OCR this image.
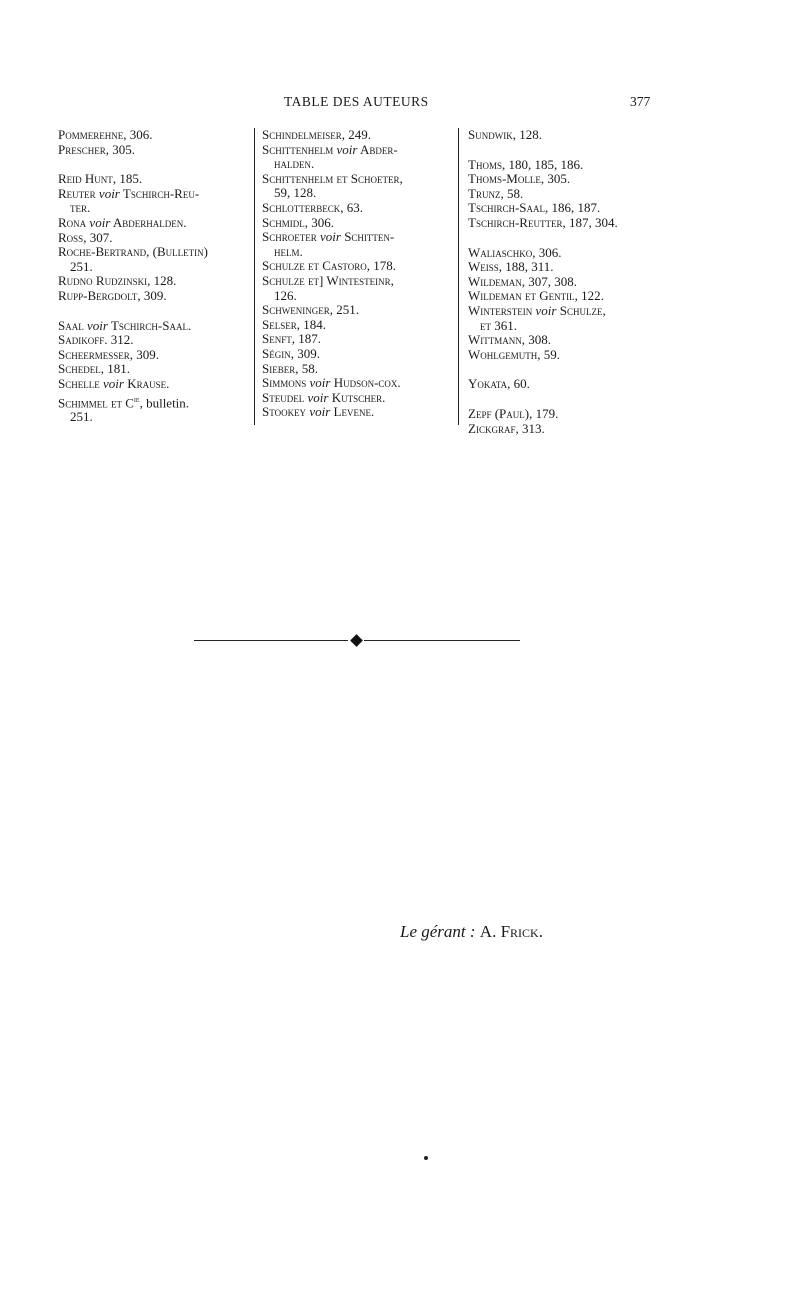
TABLE DES AUTEURS	377

Pommerehne, 306.

Prescher, 305.

Reid Hunt, 185.

Reuter voir Tschirch-Reu-

ter.

Rona voir Abderhalden.

Ross, 307.

Roche-Bertrand, (Bulletin)

251.

Rudno Rudzinski, 128.

Rupp-Bergdolt, 309.

Saal voir Tschirch-Saal.

Sadikoff. 312.

Scheermesser, 309.

Schedel, 181.

Schelle voir Krause.

Schimmel et $C^{ie}$, bulletin.

251.

Schindelmeiser, 249.

Schittenhelm voir Abder-

halden.

Schittenhelm et Schoeter,

59, 128.

Schlotterbeck, 63.

Schmidl, 306.

Schroeter voir Schitten-

helm.

Schulze et Castoro, 178.

Schulze et] Wintesteinr,

126.

Schweninger, 251.

Selser, 184.

Senft, 187.

Ségin, 309.

Sieber, 58.

Simmons voir Hudson-cox.

Steudel voir Kutscher.

Stookey voir Levene.

Sundwik, 128.

Thoms, 180, 185, 186.

Thoms-Molle, 305.

Trunz, 58.

Tschirch-Saal, 186, 187.

Tschirch-Reutter, 187, 304.

Waliaschko, 306.

Weiss, 188, 311.

Wildeman, 307, 308.

Wildeman et Gentil, 122.

Winterstein voir Schulze,

et 361.

Wittmann, 308.

Wohlgemuth, 59.

Yokata, 60.

Zepf (Paul), 179.

Zickgraf, 313.

Le gérant : A. Frick.
